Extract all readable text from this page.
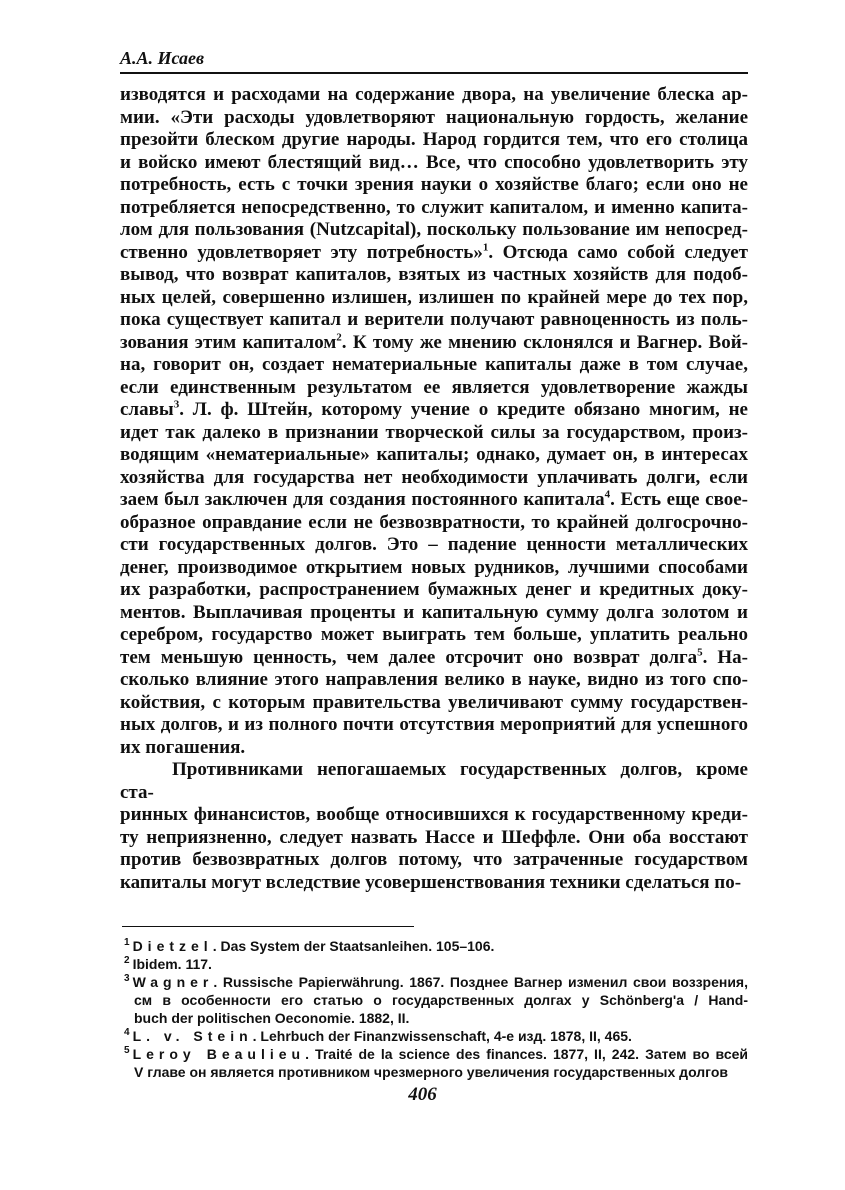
А.А. Исаев

изводятся и расходами на содержание двора, на увеличение блеска ар-

мии. «Эти расходы удовлетворяют национальную гордость, желание

презойти блеском другие народы. Народ гордится тем, что его столица

и войско имеют блестящий вид… Все, что способно удовлетворить эту

потребность, есть с точки зрения науки о хозяйстве благо; если оно не

потребляется непосредственно, то служит капиталом, и именно капита-

лом для пользования (Nutzcapital), поскольку пользование им непосред-

ственно удовлетворяет эту потребность»$^1$. Отсюда само собой следует

вывод, что возврат капиталов, взятых из частных хозяйств для подоб-

ных целей, совершенно излишен, излишен по крайней мере до тех пор,

пока существует капитал и верители получают равноценность из поль-

зования этим капиталом$^2$. К тому же мнению склонялся и Вагнер. Вой-

на, говорит он, создает нематериальные капиталы даже в том случае,

если единственным результатом ее является удовлетворение жажды

славы$^3$. Л. ф. Штейн, которому учение о кредите обязано многим, не

идет так далеко в признании творческой силы за государством, произ-

водящим «нематериальные» капиталы; однако, думает он, в интересах

хозяйства для государства нет необходимости уплачивать долги, если

заем был заключен для создания постоянного капитала$^4$. Есть еще свое-

образное оправдание если не безвозвратности, то крайней долгосрочно-

сти государственных долгов. Это – падение ценности металлических

денег, производимое открытием новых рудников, лучшими способами

их разработки, распространением бумажных денег и кредитных доку-

ментов. Выплачивая проценты и капитальную сумму долга золотом и

серебром, государство может выиграть тем больше, уплатить реально

тем меньшую ценность, чем далее отсрочит оно возврат долга$^5$. На-

сколько влияние этого направления велико в науке, видно из того спо-

койствия, с которым правительства увеличивают сумму государствен-

ных долгов, и из полного почти отсутствия мероприятий для успешного

их погашения.

Противниками непогашаемых государственных долгов, кроме ста-

ринных финансистов, вообще относившихся к государственному креди-

ту неприязненно, следует назвать Нассе и Шеффле. Они оба восстают

против безвозвратных долгов потому, что затраченные государством

капиталы могут вследствие усовершенствования техники сделаться по-

$^1$ Dietzel. Das System der Staatsanleihen. 105–106.

$^2$ Ibidem. 117.

$^3$ Wagner. Russische Papierwährung. 1867. Позднее Вагнер изменил свои воззрения,

см в особенности его статью о государственных долгах у Schönberg'a / Hand-

buch der politischen Oeconomie. 1882, II.

$^4$ L. v. Stein. Lehrbuch der Finanzwissenschaft, 4-е изд. 1878, II, 465.

$^5$ Leroy Beaulieu. Traité de la science des finances. 1877, II, 242. Затем во всей

V главе он является противником чрезмерного увеличения государственных долгов

406
